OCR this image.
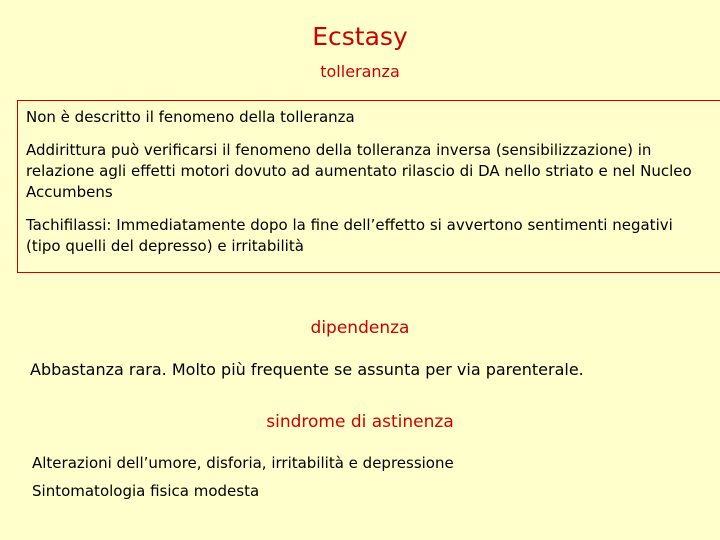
Ecstasy
tolleranza

Non è descritto il fenomeno della tolleranza

Addirittura può verificarsi il fenomeno della tolleranza inversa (sensibilizzazione) in relazione agli effetti motori dovuto ad aumentato rilascio di DA nello striato e nel Nucleo Accumbens

Tachifilassi: Immediatamente dopo la fine dell’effetto si avvertono sentimenti negativi (tipo quelli del depresso) e irritabilità

dipendenza
Abbastanza rara. Molto più frequente se assunta per via parenterale.
sindrome di astinenza
Alterazioni dell’umore, disforia, irritabilità e depressione
Sintomatologia fisica modesta
